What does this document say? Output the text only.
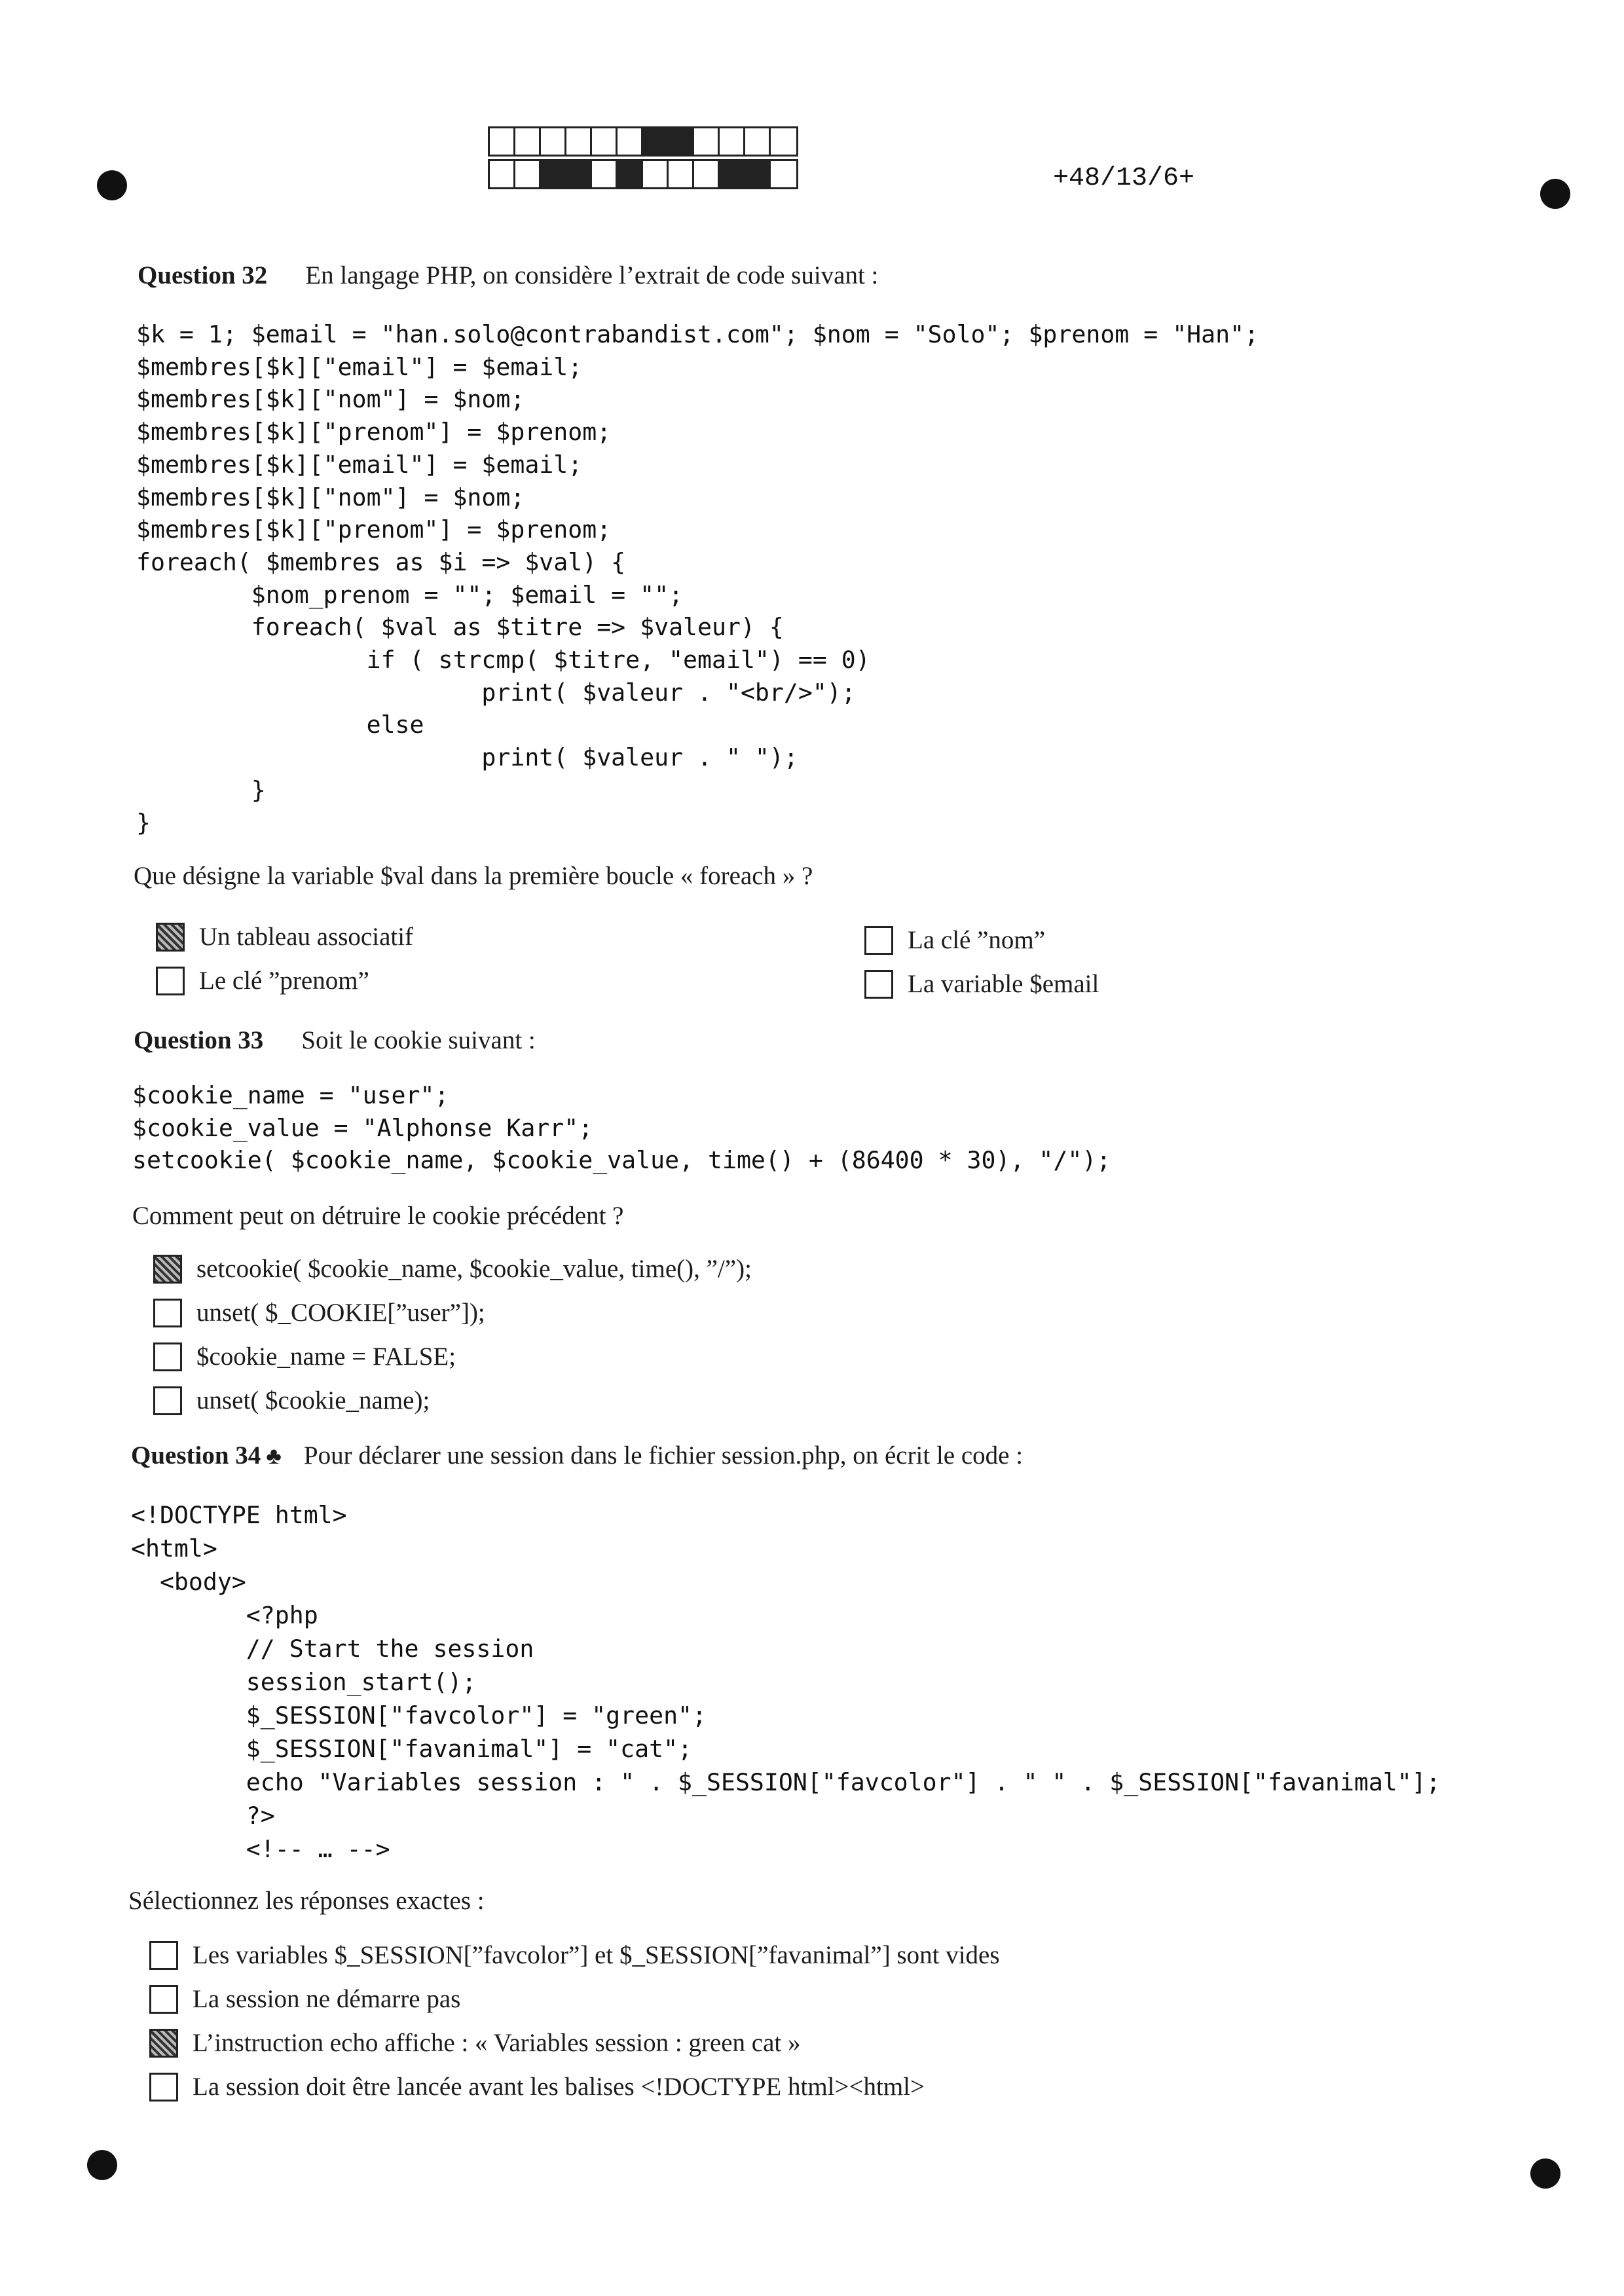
+48/13/6+
Question 32 En langage PHP, on considère l’extrait de code suivant :
$k = 1; $email = "han.solo@contrabandist.com"; $nom = "Solo"; $prenom = "Han";
$membres[$k]["email"] = $email;
$membres[$k]["nom"] = $nom;
$membres[$k]["prenom"] = $prenom;
$membres[$k]["email"] = $email;
$membres[$k]["nom"] = $nom;
$membres[$k]["prenom"] = $prenom;
foreach( $membres as $i => $val) {
$nom_prenom = ""; $email = "";
foreach( $val as $titre => $valeur) {
if ( strcmp( $titre, "email") == 0)
print( $valeur . "<br/>");
else
print( $valeur . " ");
}
}
Que désigne la variable $val dans la première boucle « foreach » ?
Un tableau associatif
Le clé ”prenom”
La clé ”nom”
La variable $email
Question 33 Soit le cookie suivant :
$cookie_name = "user";
$cookie_value = "Alphonse Karr";
setcookie( $cookie_name, $cookie_value, time() + (86400 * 30), "/");
Comment peut on détruire le cookie précédent ?
setcookie( $cookie_name, $cookie_value, time(), ”/”);
unset( $_COOKIE[”user”]);
$cookie_name = FALSE;
unset( $cookie_name);
Question 34 ♣ Pour déclarer une session dans le fichier session.php, on écrit le code :
<!DOCTYPE html>
<html>
<body>
<?php
// Start the session
session_start();
$_SESSION["favcolor"] = "green";
$_SESSION["favanimal"] = "cat";
echo "Variables session : " . $_SESSION["favcolor"] . " " . $_SESSION["favanimal"];
?>
<!-- … -->
Sélectionnez les réponses exactes :
Les variables $_SESSION[”favcolor”] et $_SESSION[”favanimal”] sont vides
La session ne démarre pas
L’instruction echo affiche : « Variables session : green cat »
La session doit être lancée avant les balises <!DOCTYPE html><html>
